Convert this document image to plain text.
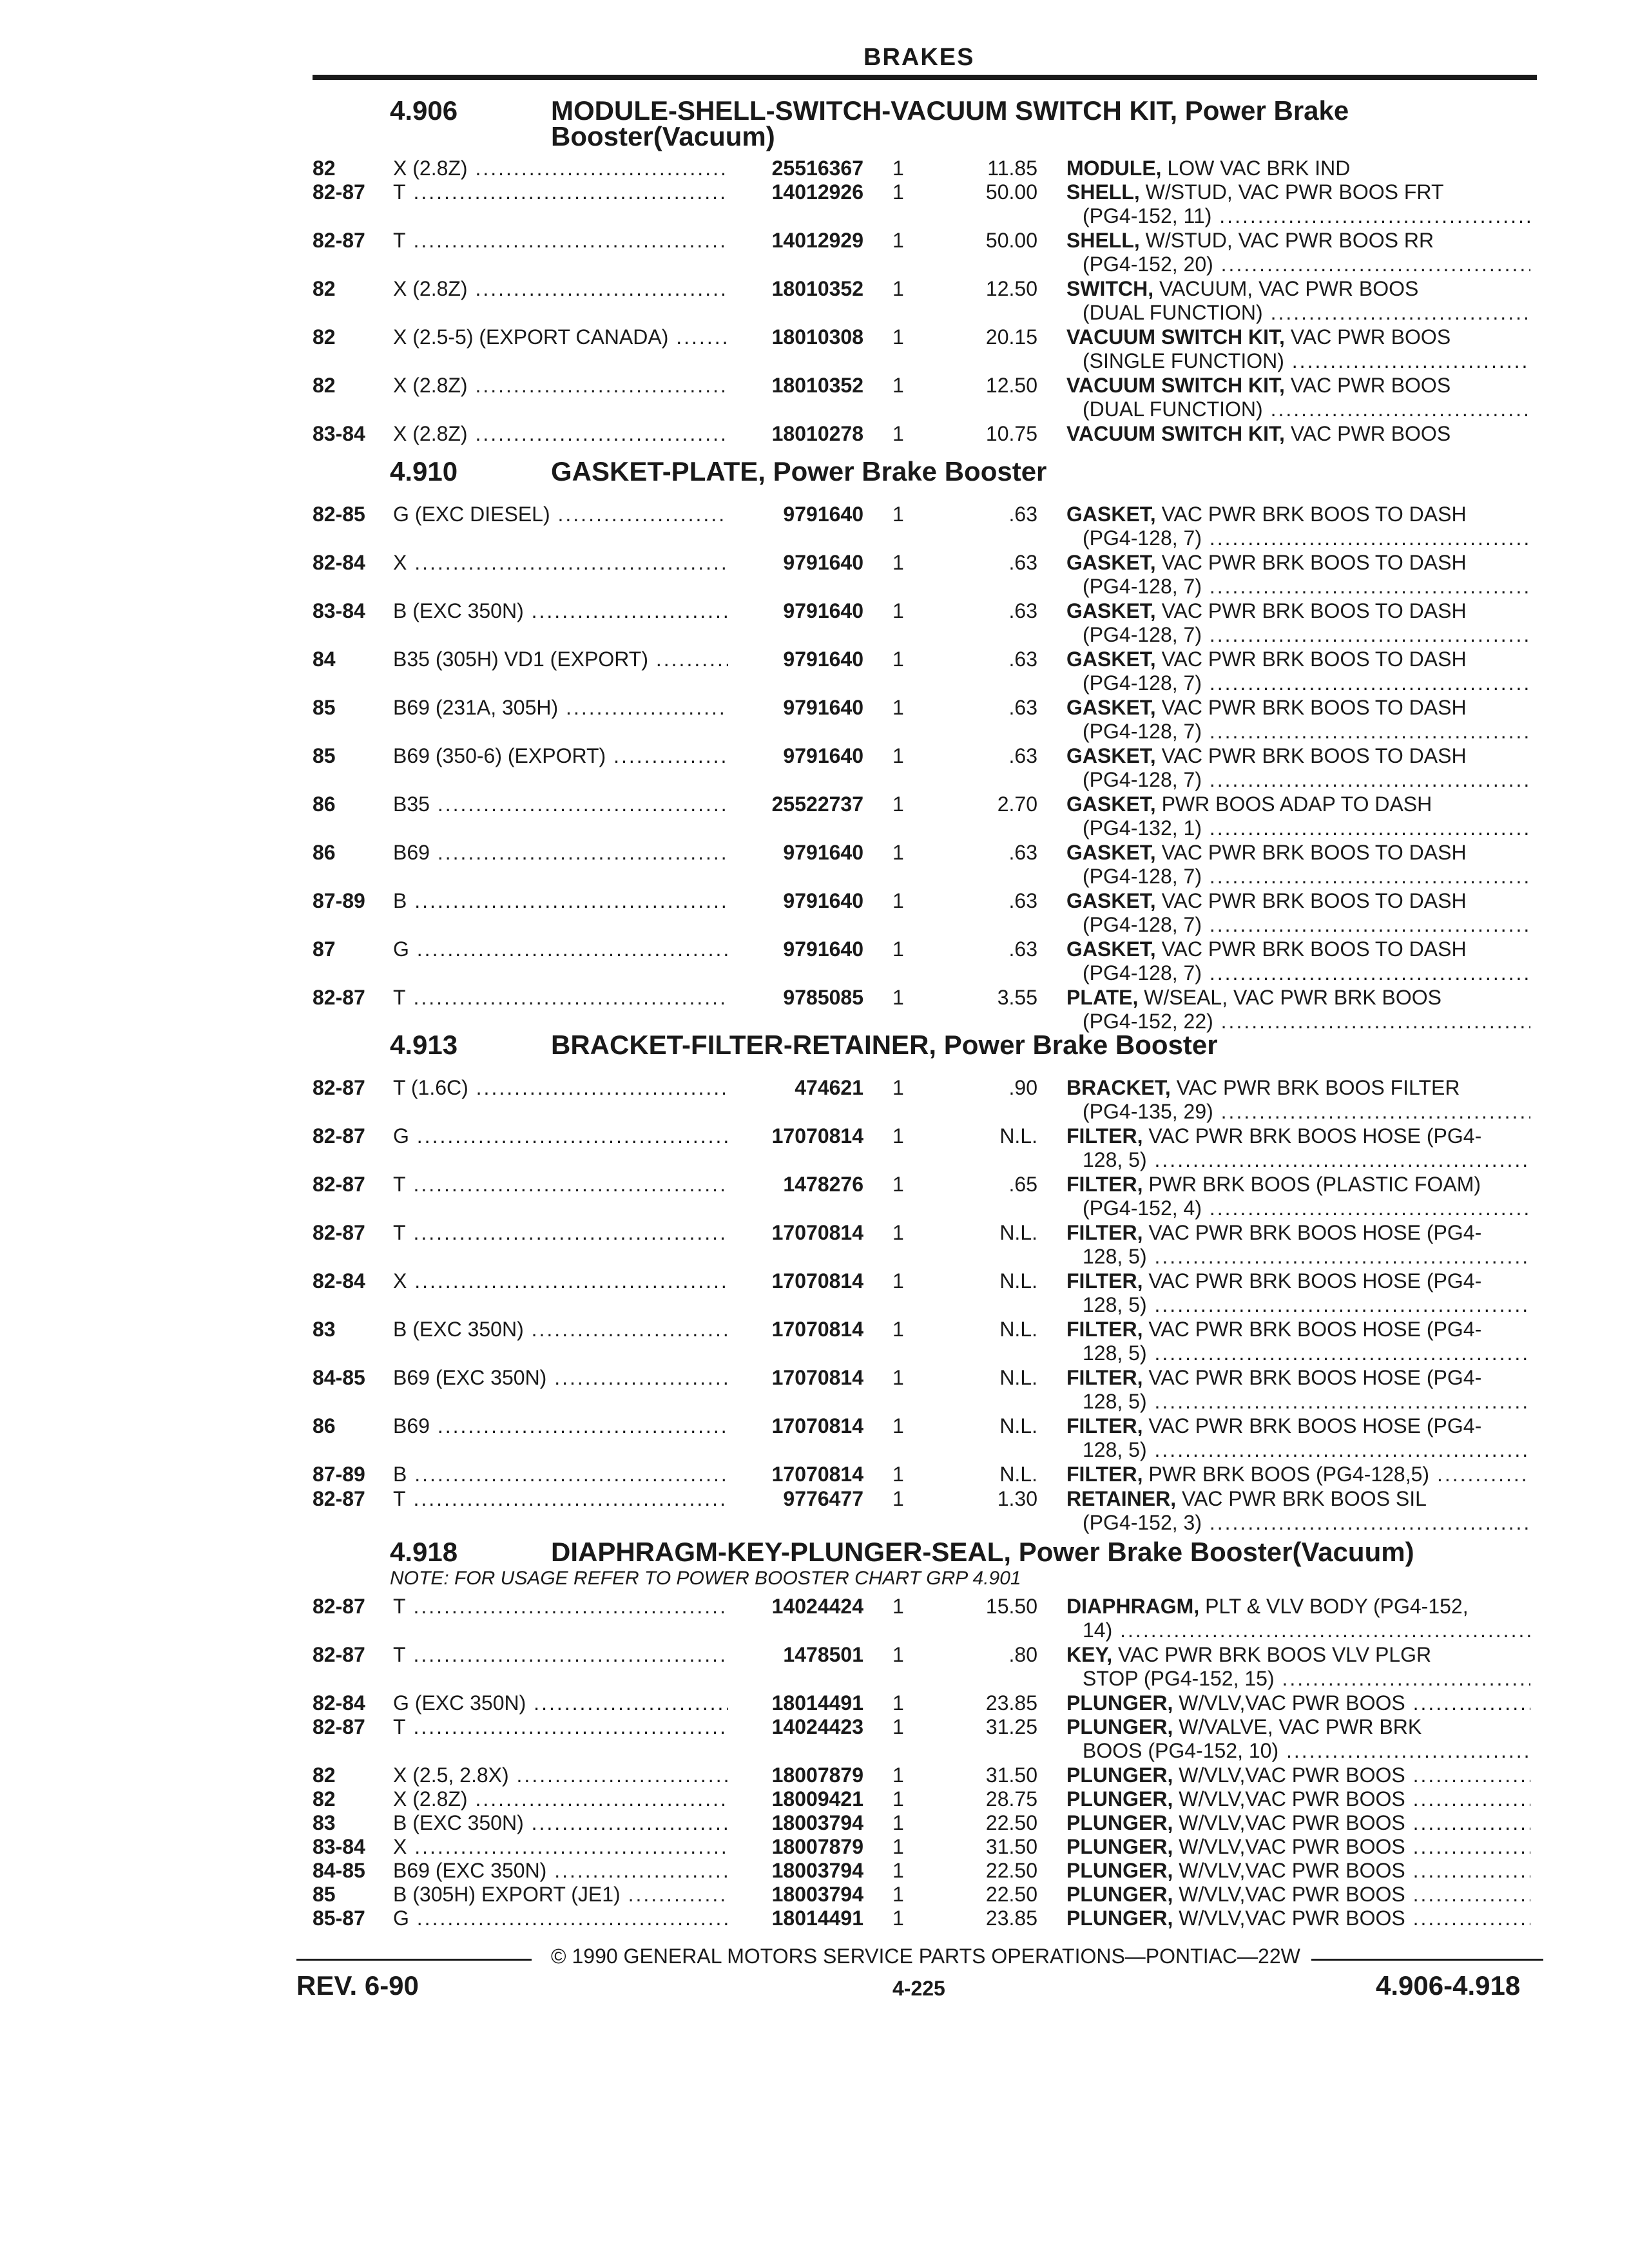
BRAKES
4.906	MODULE-SHELL-SWITCH-VACUUM SWITCH KIT, Power Brake
Booster(Vacuum)
82	X (2.8Z) .....	25516367 1	11.85 MODULE, LOW VAC BRK IND
82-87 T .....	14012926 1	50.00 SHELL, W/STUD, VAC PWR BOOS FRT
(PG4-152, 11) .....
82-87 T .....	14012929 1	50.00 SHELL, W/STUD, VAC PWR BOOS RR
(PG4-152, 20) .....
82	X (2.8Z) .....	18010352 1	12.50 SWITCH, VACUUM, VAC PWR BOOS
(DUAL FUNCTION) .....
82	X (2.5-5) (EXPORT CANADA) .....	18010308 1	20.15 VACUUM SWITCH KIT, VAC PWR BOOS
(SINGLE FUNCTION) .....
82	X (2.8Z) .....	18010352 1	12.50 VACUUM SWITCH KIT, VAC PWR BOOS
(DUAL FUNCTION) .....
83-84 X (2.8Z) .....	18010278 1	10.75 VACUUM SWITCH KIT, VAC PWR BOOS
4.910	GASKET-PLATE, Power Brake Booster
82-85 G (EXC DIESEL) .....	9791640 1	.63 GASKET, VAC PWR BRK BOOS TO DASH
(PG4-128, 7) .....
82-84 X .....	9791640 1	.63 GASKET, VAC PWR BRK BOOS TO DASH
(PG4-128, 7) .....
83-84 B (EXC 350N) .....	9791640 1	.63 GASKET, VAC PWR BRK BOOS TO DASH
(PG4-128, 7) .....
84	B35 (305H) VD1 (EXPORT) .....	9791640 1	.63 GASKET, VAC PWR BRK BOOS TO DASH
(PG4-128, 7) .....
85	B69 (231A, 305H) .....	9791640 1	.63 GASKET, VAC PWR BRK BOOS TO DASH
(PG4-128, 7) .....
85	B69 (350-6) (EXPORT) .....	9791640 1	.63 GASKET, VAC PWR BRK BOOS TO DASH
(PG4-128, 7) .....
86	B35 .....	25522737 1	2.70 GASKET, PWR BOOS ADAP TO DASH
(PG4-132, 1) .....
86	B69 .....	9791640 1	.63 GASKET, VAC PWR BRK BOOS TO DASH
(PG4-128, 7) .....
87-89 B .....	9791640 1	.63 GASKET, VAC PWR BRK BOOS TO DASH
(PG4-128, 7) .....
87	G .....	9791640 1	.63 GASKET, VAC PWR BRK BOOS TO DASH
(PG4-128, 7) .....
82-87 T .....	9785085 1	3.55 PLATE, W/SEAL, VAC PWR BRK BOOS
(PG4-152, 22) .....
4.913	BRACKET-FILTER-RETAINER, Power Brake Booster
82-87 T (1.6C) .....	474621 1	.90 BRACKET, VAC PWR BRK BOOS FILTER
(PG4-135, 29) .....
82-87 G .....	17070814 1	N.L. FILTER, VAC PWR BRK BOOS HOSE (PG4-
128, 5) .....
82-87 T .....	1478276 1	.65 FILTER, PWR BRK BOOS (PLASTIC FOAM)
(PG4-152, 4) .....
82-87 T .....	17070814 1	N.L. FILTER, VAC PWR BRK BOOS HOSE (PG4-
128, 5) .....
82-84 X .....	17070814 1	N.L. FILTER, VAC PWR BRK BOOS HOSE (PG4-
128, 5) .....
83	B (EXC 350N) .....	17070814 1	N.L. FILTER, VAC PWR BRK BOOS HOSE (PG4-
128, 5) .....
84-85 B69 (EXC 350N) .....	17070814 1	N.L. FILTER, VAC PWR BRK BOOS HOSE (PG4-
128, 5) .....
86	B69 .....	17070814 1	N.L. FILTER, VAC PWR BRK BOOS HOSE (PG4-
128, 5) .....
87-89 B .....	17070814 1	N.L. FILTER, PWR BRK BOOS (PG4-128,5) .....
82-87 T .....	9776477 1	1.30 RETAINER, VAC PWR BRK BOOS SIL
(PG4-152, 3) .....
4.918	DIAPHRAGM-KEY-PLUNGER-SEAL, Power Brake Booster(Vacuum)
NOTE: FOR USAGE REFER TO POWER BOOSTER CHART GRP 4.901
82-87 T .....	14024424 1	15.50 DIAPHRAGM, PLT & VLV BODY (PG4-152,
14) .....
82-87 T .....	1478501 1	.80 KEY, VAC PWR BRK BOOS VLV PLGR
STOP (PG4-152, 15) .....
82-84 G (EXC 350N) .....	18014491 1	23.85 PLUNGER, W/VLV,VAC PWR BOOS .....
82-87 T .....	14024423 1	31.25 PLUNGER, W/VALVE, VAC PWR BRK
BOOS (PG4-152, 10) .....
82	X (2.5, 2.8X) .....	18007879 1	31.50 PLUNGER, W/VLV,VAC PWR BOOS .....
82	X (2.8Z) .....	18009421 1	28.75 PLUNGER, W/VLV,VAC PWR BOOS .....
83	B (EXC 350N) .....	18003794 1	22.50 PLUNGER, W/VLV,VAC PWR BOOS .....
83-84 X .....	18007879 1	31.50 PLUNGER, W/VLV,VAC PWR BOOS .....
84-85 B69 (EXC 350N) .....	18003794 1	22.50 PLUNGER, W/VLV,VAC PWR BOOS .....
85	B (305H) EXPORT (JE1) .....	18003794 1	22.50 PLUNGER, W/VLV,VAC PWR BOOS .....
85-87 G .....	18014491 1	23.85 PLUNGER, W/VLV,VAC PWR BOOS .....
© 1990 GENERAL MOTORS SERVICE PARTS OPERATIONS—PONTIAC—22W
REV. 6-90	4-225	4.906-4.918
